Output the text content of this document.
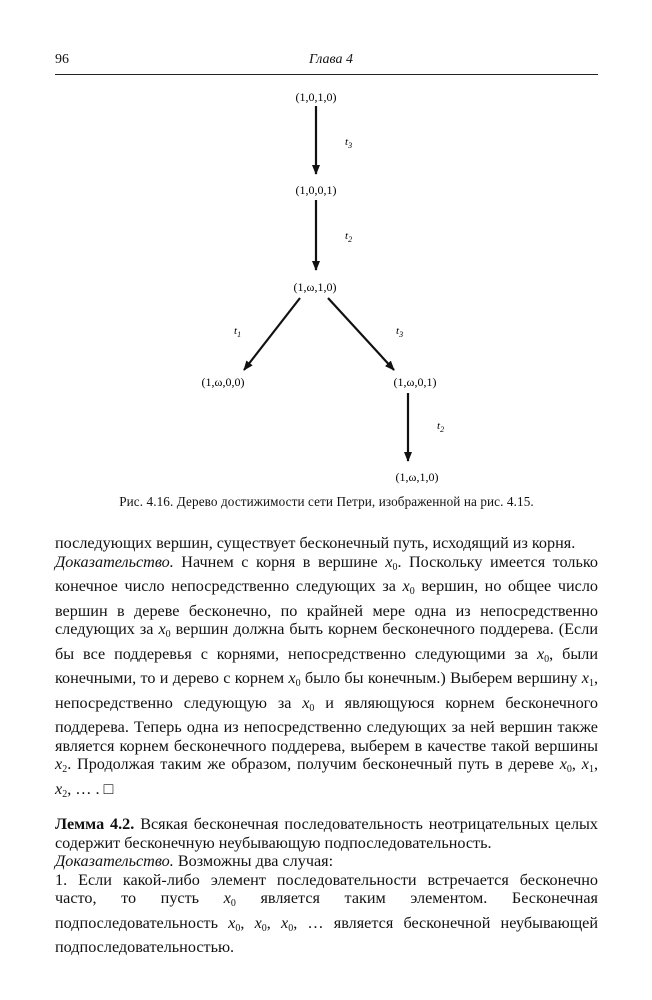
96	Глава 4
(1,0,1,0)
(1,0,0,1)
(1,ω,1,0)
(1,ω,0,0)	(1,ω,0,1)
(1,ω,1,0)
$t_3$
$t_2$
$t_1$	$t_3$
$t_2$
Рис. 4.16. Дерево достижимости сети Петри, изображенной на рис. 4.15.

последующих вершин, существует бесконечный путь, исходящий из корня.

Доказательство. Начнем с корня в вершине $x_0$. Поскольку имеется только конечное число непосредственно следующих за $x_0$ вершин, но общее число вершин в дереве бесконечно, по крайней мере одна из непосредственно следующих за $x_0$ вершин должна быть корнем бесконечного поддерева. (Если бы все поддеревья с корнями, непосредственно следующими за $x_0$, были конечными, то и дерево с корнем $x_0$ было бы конечным.) Выберем вершину $x_1$, непосредственно следующую за $x_0$ и являющуюся корнем бесконечного поддерева. Теперь одна из непосредственно следующих за ней вершин также является корнем бесконечного поддерева, выберем в качестве такой вершины $x_2$. Продолжая таким же образом, получим бесконечный путь в дереве $x_0$, $x_1$, $x_2$, … . □

Лемма 4.2. Всякая бесконечная последовательность неотрицательных целых содержит бесконечную неубывающую подпоследовательность.

Доказательство. Возможны два случая:

1. Если какой-либо элемент последовательности встречается бесконечно часто, то пусть $x_0$ является таким элементом. Бесконечная подпоследовательность $x_0$, $x_0$, $x_0$, … является бесконечной неубывающей подпоследовательностью.
